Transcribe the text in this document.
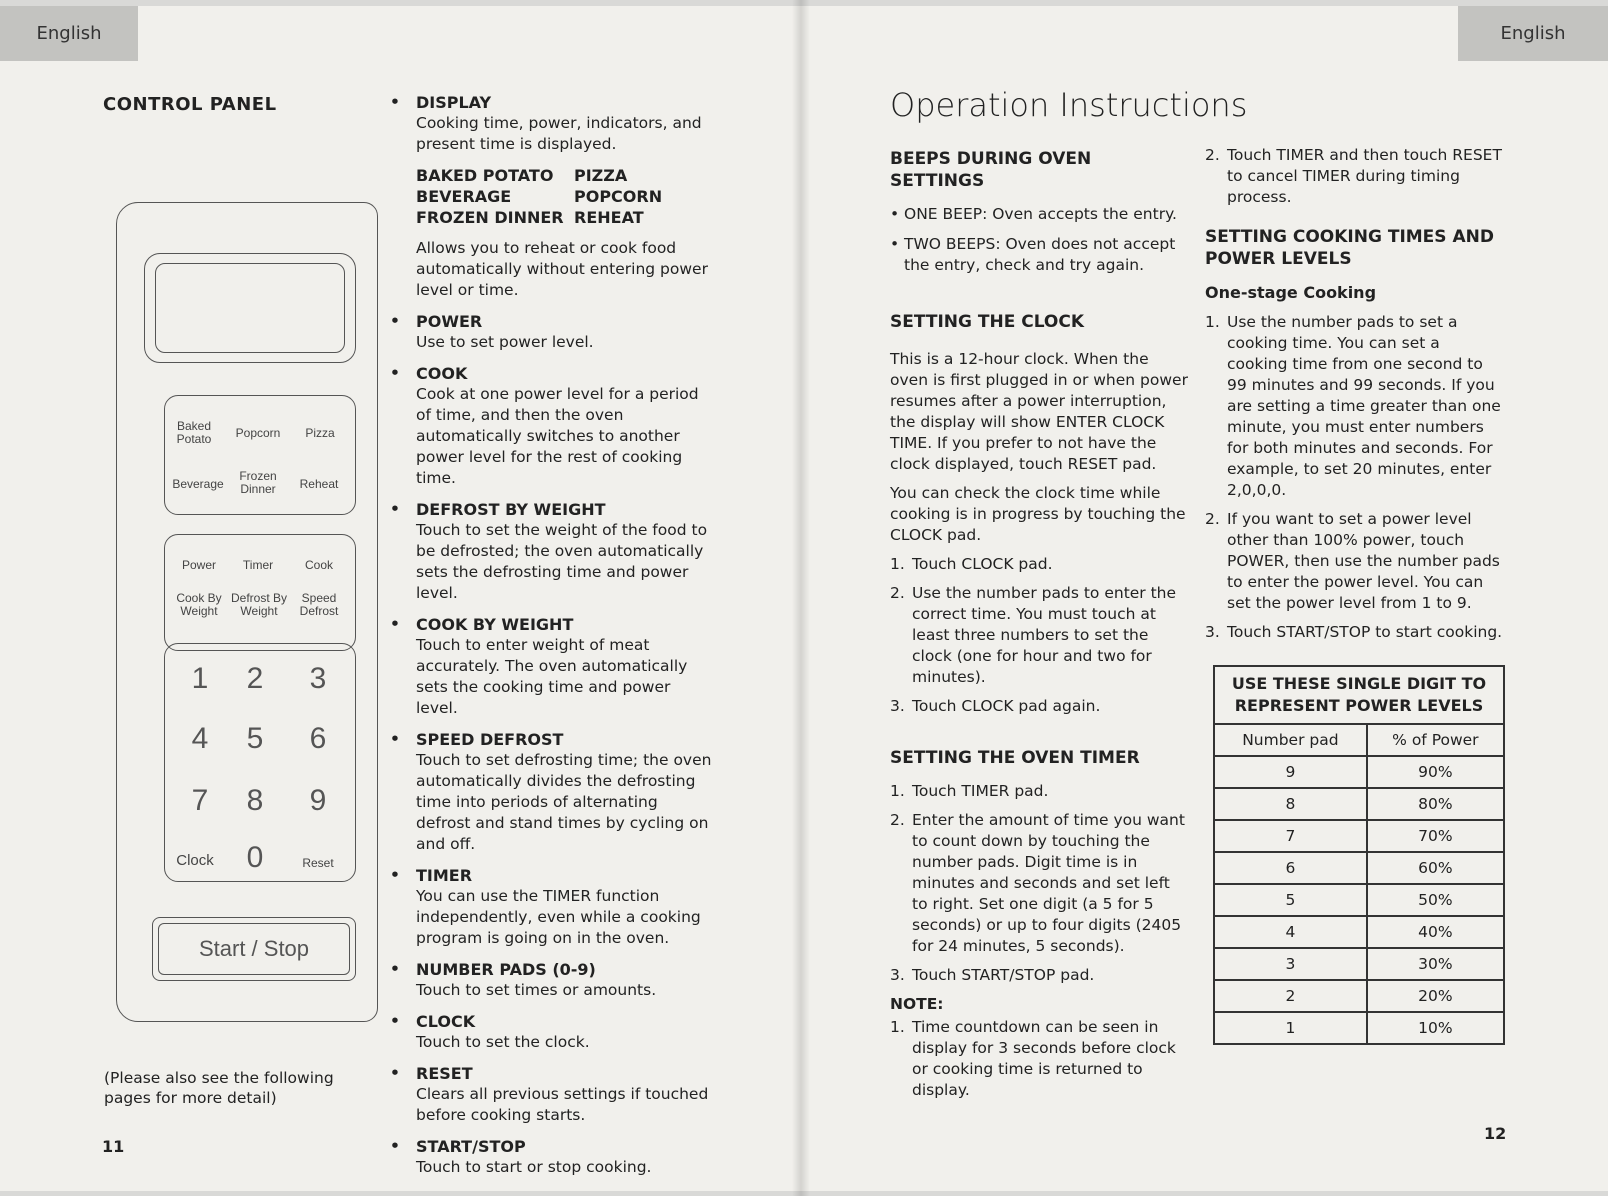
English	English
CONTROL PANEL
Baked Potato	Popcorn	Pizza
Beverage
Frozen Dinner	Reheat
Power	Timer	Cook
Cook By Weight
Defrost By Weight
Speed Defrost
1 2 3
4 5 6
7 8 9
Clock 0	Reset
Start / Stop
(Please also see the following pages for more detail)
11
•	DISPLAY
Cooking time, power, indicators, and present time is displayed.
BAKED POTATO	PIZZA
BEVERAGE	POPCORN
FROZEN DINNER REHEAT
Allows you to reheat or cook food automatically without entering power level or time.
•	POWER
Use to set power level.
•	COOK
Cook at one power level for a period of time, and then the oven automatically switches to another power level for the rest of cooking time.
•	DEFROST BY WEIGHT
Touch to set the weight of the food to be defrosted; the oven automatically sets the defrosting time and power level.
•	COOK BY WEIGHT
Touch to enter weight of meat accurately. The oven automatically sets the cooking time and power level.
•	SPEED DEFROST
Touch to set defrosting time; the oven automatically divides the defrosting time into periods of alternating defrost and stand times by cycling on and off.
•	TIMER
You can use the TIMER function independently, even while a cooking program is going on in the oven.
•	NUMBER PADS (0-9)
Touch to set times or amounts.
•	CLOCK
Touch to set the clock.
•	RESET
Clears all previous settings if touched before cooking starts.
•	START/STOP
Touch to start or stop cooking.
Operation Instructions
BEEPS DURING OVEN SETTINGS
• ONE BEEP: Oven accepts the entry.
• TWO BEEPS: Oven does not accept the entry, check and try again.
SETTING THE CLOCK
This is a 12-hour clock. When the oven is first plugged in or when power resumes after a power interruption, the display will show ENTER CLOCK TIME. If you prefer to not have the clock displayed, touch RESET pad.
You can check the clock time while cooking is in progress by touching the CLOCK pad.
1. Touch CLOCK pad.
2. Use the number pads to enter the correct time. You must touch at least three numbers to set the clock (one for hour and two for minutes).
3. Touch CLOCK pad again.
SETTING THE OVEN TIMER
1. Touch TIMER pad.
2. Enter the amount of time you want to count down by touching the number pads. Digit time is in minutes and seconds and set left to right. Set one digit (a 5 for 5 seconds) or up to four digits (2405 for 24 minutes, 5 seconds).
3. Touch START/STOP pad.
NOTE:
1. Time countdown can be seen in display for 3 seconds before clock or cooking time is returned to display.
2. Touch TIMER and then touch RESET to cancel TIMER during timing process.
SETTING COOKING TIMES AND POWER LEVELS
One-stage Cooking
1. Use the number pads to set a cooking time. You can set a cooking time from one second to 99 minutes and 99 seconds. If you are setting a time greater than one minute, you must enter numbers for both minutes and seconds. For example, to set 20 minutes, enter 2,0,0,0.
2. If you want to set a power level other than 100% power, touch POWER, then use the number pads to enter the power level. You can set the power level from 1 to 9.
3. Touch START/STOP to start cooking.
USE THESE SINGLE DIGIT TO REPRESENT POWER LEVELS
Number pad	% of Power
9	90%
8	80%
7	70%
6	60%
5	50%
4	40%
3	30%
2	20%
1	10%
12
